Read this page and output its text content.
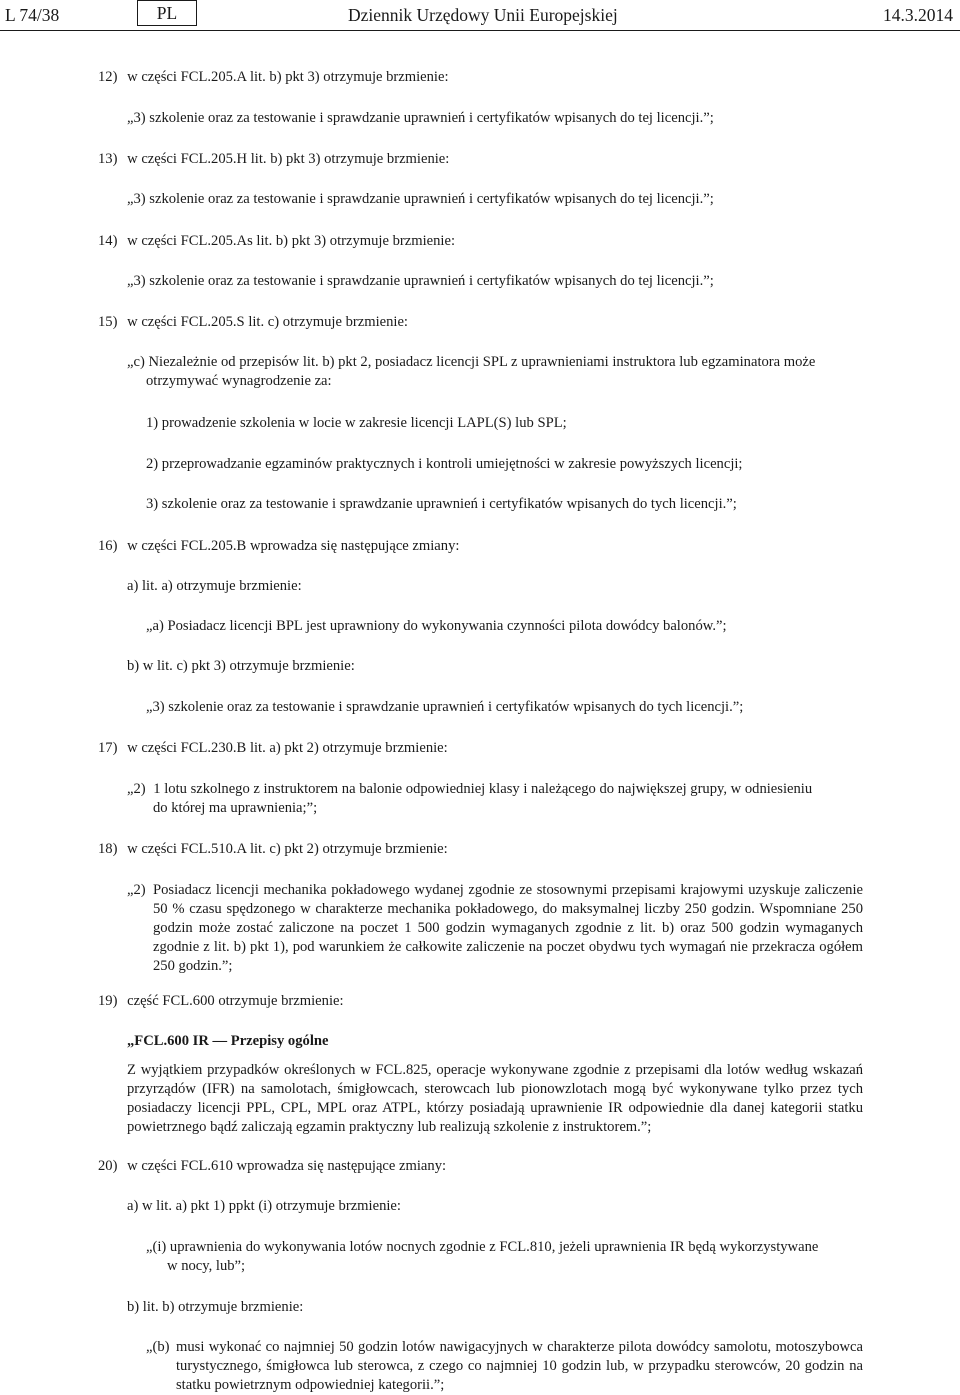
L 74/38	PL	Dziennik Urzędowy Unii Europejskiej	14.3.2014
12) w części FCL.205.A lit. b) pkt 3) otrzymuje brzmienie:
„3) szkolenie oraz za testowanie i sprawdzanie uprawnień i certyfikatów wpisanych do tej licencji.”;
13) w części FCL.205.H lit. b) pkt 3) otrzymuje brzmienie:
„3) szkolenie oraz za testowanie i sprawdzanie uprawnień i certyfikatów wpisanych do tej licencji.”;
14) w części FCL.205.As lit. b) pkt 3) otrzymuje brzmienie:
„3) szkolenie oraz za testowanie i sprawdzanie uprawnień i certyfikatów wpisanych do tej licencji.”;
15) w części FCL.205.S lit. c) otrzymuje brzmienie:
„c) Niezależnie od przepisów lit. b) pkt 2, posiadacz licencji SPL z uprawnieniami instruktora lub egzaminatora może
otrzymywać wynagrodzenie za:
1) prowadzenie szkolenia w locie w zakresie licencji LAPL(S) lub SPL;
2) przeprowadzanie egzaminów praktycznych i kontroli umiejętności w zakresie powyższych licencji;
3) szkolenie oraz za testowanie i sprawdzanie uprawnień i certyfikatów wpisanych do tych licencji.”;
16) w części FCL.205.B wprowadza się następujące zmiany:
a) lit. a) otrzymuje brzmienie:
„a) Posiadacz licencji BPL jest uprawniony do wykonywania czynności pilota dowódcy balonów.”;
b) w lit. c) pkt 3) otrzymuje brzmienie:
„3) szkolenie oraz za testowanie i sprawdzanie uprawnień i certyfikatów wpisanych do tych licencji.”;
17) w części FCL.230.B lit. a) pkt 2) otrzymuje brzmienie:
„2) 1 lotu szkolnego z instruktorem na balonie odpowiedniej klasy i należącego do największej grupy, w odniesieniu
do której ma uprawnienia;”;
18) w części FCL.510.A lit. c) pkt 2) otrzymuje brzmienie:
„2) Posiadacz licencji mechanika pokładowego wydanej zgodnie ze stosownymi przepisami krajowymi uzyskuje zaliczenie 50 % czasu spędzonego w charakterze mechanika pokładowego, do maksymalnej liczby 250 godzin. Wspomniane 250 godzin może zostać zaliczone na poczet 1 500 godzin wymaganych zgodnie z lit. b) oraz 500 godzin wymaganych zgodnie z lit. b) pkt 1), pod warunkiem że całkowite zaliczenie na poczet obydwu tych wymagań nie przekracza ogółem 250 godzin.”;
19) część FCL.600 otrzymuje brzmienie:
„FCL.600 IR — Przepisy ogólne
Z wyjątkiem przypadków określonych w FCL.825, operacje wykonywane zgodnie z przepisami dla lotów według wskazań przyrządów (IFR) na samolotach, śmigłowcach, sterowcach lub pionowzlotach mogą być wykonywane tylko przez tych posiadaczy licencji PPL, CPL, MPL oraz ATPL, którzy posiadają uprawnienie IR odpowiednie dla danej kategorii statku powietrznego bądź zaliczają egzamin praktyczny lub realizują szkolenie z instruktorem.”;
20) w części FCL.610 wprowadza się następujące zmiany:
a) w lit. a) pkt 1) ppkt (i) otrzymuje brzmienie:
„(i) uprawnienia do wykonywania lotów nocnych zgodnie z FCL.810, jeżeli uprawnienia IR będą wykorzystywane
w nocy, lub”;
b) lit. b) otrzymuje brzmienie:
„(b) musi wykonać co najmniej 50 godzin lotów nawigacyjnych w charakterze pilota dowódcy samolotu, motoszybowca turystycznego, śmigłowca lub sterowca, z czego co najmniej 10 godzin lub, w przypadku sterowców, 20 godzin na statku powietrznym odpowiedniej kategorii.”;
